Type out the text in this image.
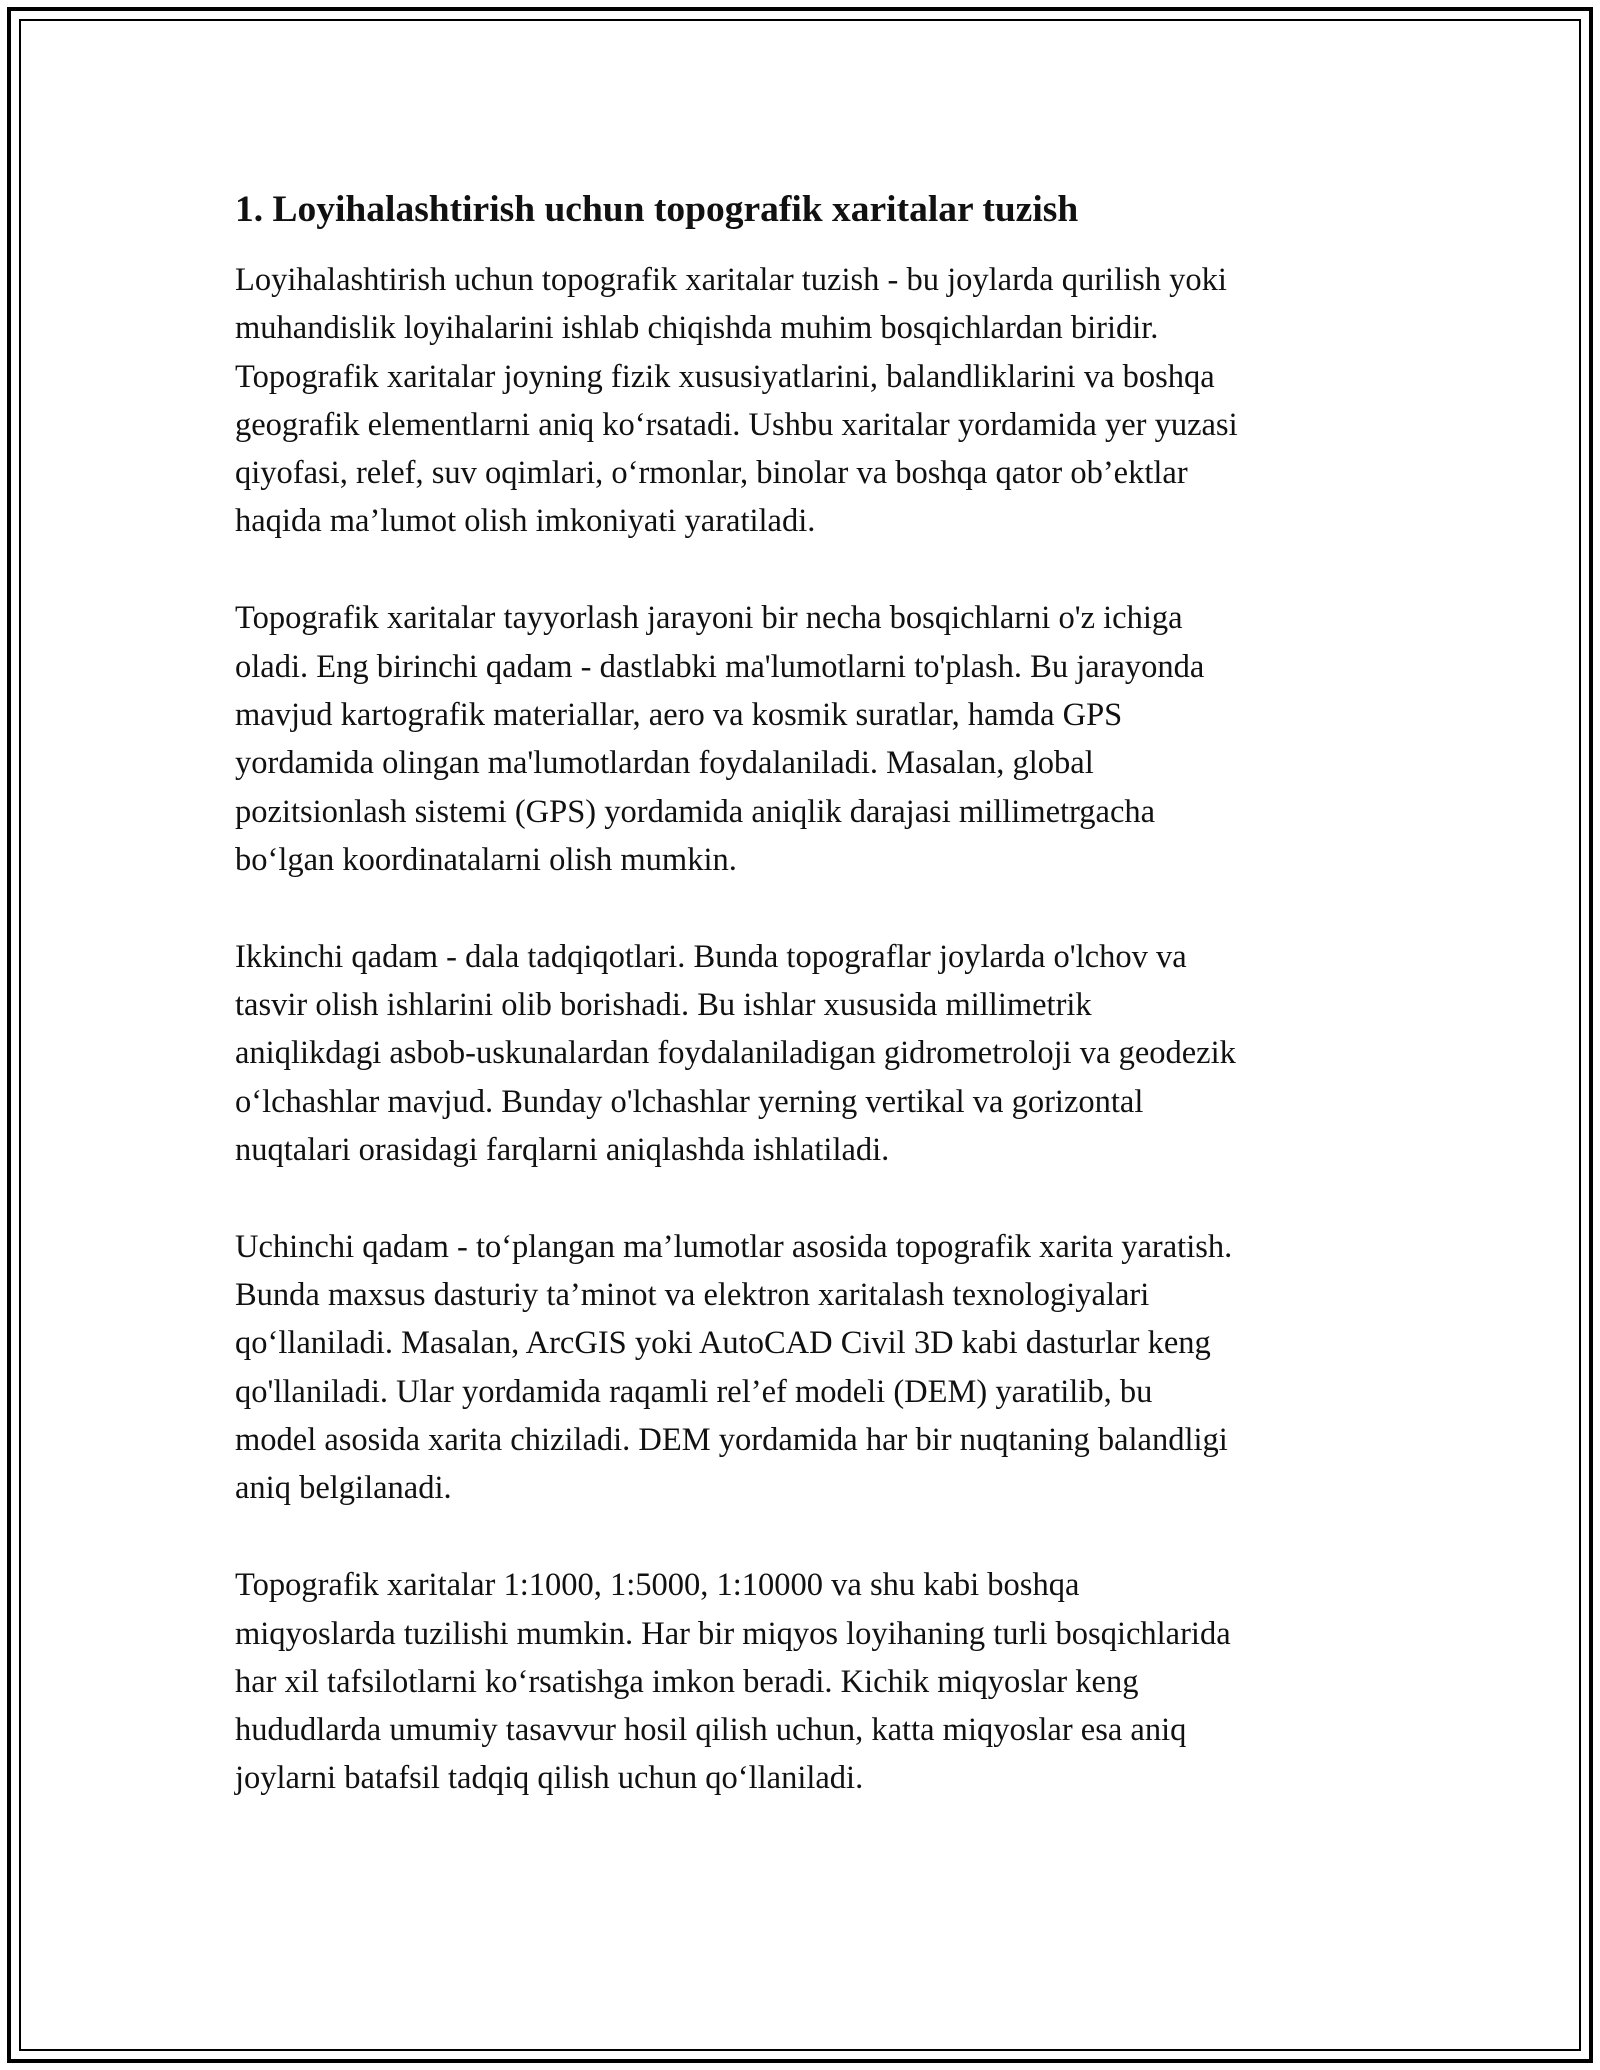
1. Loyihalashtirish uchun topografik xaritalar tuzish
Loyihalashtirish uchun topografik xaritalar tuzish - bu joylarda qurilish yoki
muhandislik loyihalarini ishlab chiqishda muhim bosqichlardan biridir.
Topografik xaritalar joyning fizik xususiyatlarini, balandliklarini va boshqa
geografik elementlarni aniq ko‘rsatadi. Ushbu xaritalar yordamida yer yuzasi
qiyofasi, relef, suv oqimlari, o‘rmonlar, binolar va boshqa qator ob’ektlar
haqida ma’lumot olish imkoniyati yaratiladi.
Topografik xaritalar tayyorlash jarayoni bir necha bosqichlarni o'z ichiga
oladi. Eng birinchi qadam - dastlabki ma'lumotlarni to'plash. Bu jarayonda
mavjud kartografik materiallar, aero va kosmik suratlar, hamda GPS
yordamida olingan ma'lumotlardan foydalaniladi. Masalan, global
pozitsionlash sistemi (GPS) yordamida aniqlik darajasi millimetrgacha
bo‘lgan koordinatalarni olish mumkin.
Ikkinchi qadam - dala tadqiqotlari. Bunda topograflar joylarda o'lchov va
tasvir olish ishlarini olib borishadi. Bu ishlar xususida millimetrik
aniqlikdagi asbob-uskunalardan foydalaniladigan gidrometroloji va geodezik
o‘lchashlar mavjud. Bunday o'lchashlar yerning vertikal va gorizontal
nuqtalari orasidagi farqlarni aniqlashda ishlatiladi.
Uchinchi qadam - to‘plangan ma’lumotlar asosida topografik xarita yaratish.
Bunda maxsus dasturiy ta’minot va elektron xaritalash texnologiyalari
qo‘llaniladi. Masalan, ArcGIS yoki AutoCAD Civil 3D kabi dasturlar keng
qo'llaniladi. Ular yordamida raqamli rel’ef modeli (DEM) yaratilib, bu
model asosida xarita chiziladi. DEM yordamida har bir nuqtaning balandligi
aniq belgilanadi.
Topografik xaritalar 1:1000, 1:5000, 1:10000 va shu kabi boshqa
miqyoslarda tuzilishi mumkin. Har bir miqyos loyihaning turli bosqichlarida
har xil tafsilotlarni ko‘rsatishga imkon beradi. Kichik miqyoslar keng
hududlarda umumiy tasavvur hosil qilish uchun, katta miqyoslar esa aniq
joylarni batafsil tadqiq qilish uchun qo‘llaniladi.
